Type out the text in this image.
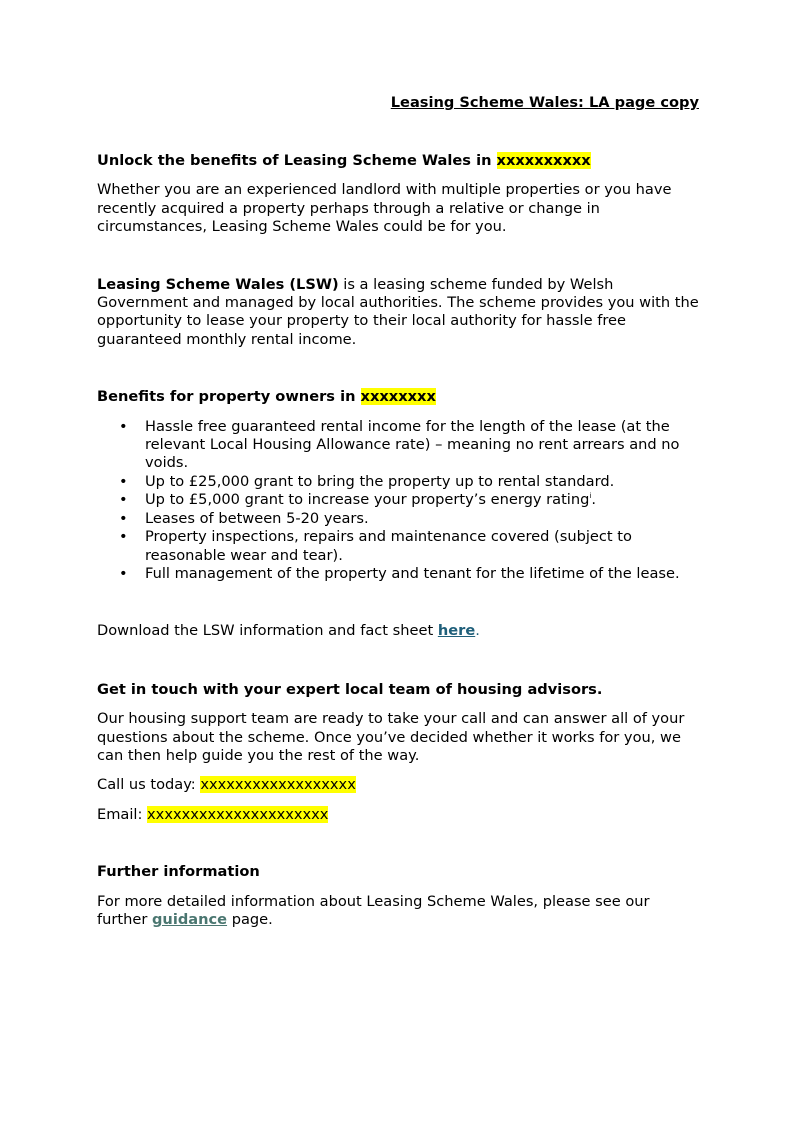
Leasing Scheme Wales: LA page copy

Unlock the benefits of Leasing Scheme Wales in xxxxxxxxxx

Whether you are an experienced landlord with multiple properties or you have recently acquired a property perhaps through a relative or change in circumstances, Leasing Scheme Wales could be for you.

Leasing Scheme Wales (LSW) is a leasing scheme funded by Welsh Government and managed by local authorities. The scheme provides you with the opportunity to lease your property to their local authority for hassle free guaranteed monthly rental income.

Benefits for property owners in xxxxxxxx
• Hassle free guaranteed rental income for the length of the lease (at the relevant Local Housing Allowance rate) – meaning no rent arrears and no voids.
• Up to £25,000 grant to bring the property up to rental standard.
• Up to £5,000 grant to increase your property’s energy rating$^i$.
• Leases of between 5-20 years.
• Property inspections, repairs and maintenance covered (subject to reasonable wear and tear).
• Full management of the property and tenant for the lifetime of the lease.

Download the LSW information and fact sheet here.

Get in touch with your expert local team of housing advisors.

Our housing support team are ready to take your call and can answer all of your questions about the scheme. Once you’ve decided whether it works for you, we can then help guide you the rest of the way.

Call us today: xxxxxxxxxxxxxxxxxx

Email: xxxxxxxxxxxxxxxxxxxxx

Further information

For more detailed information about Leasing Scheme Wales, please see our further guidance page.
